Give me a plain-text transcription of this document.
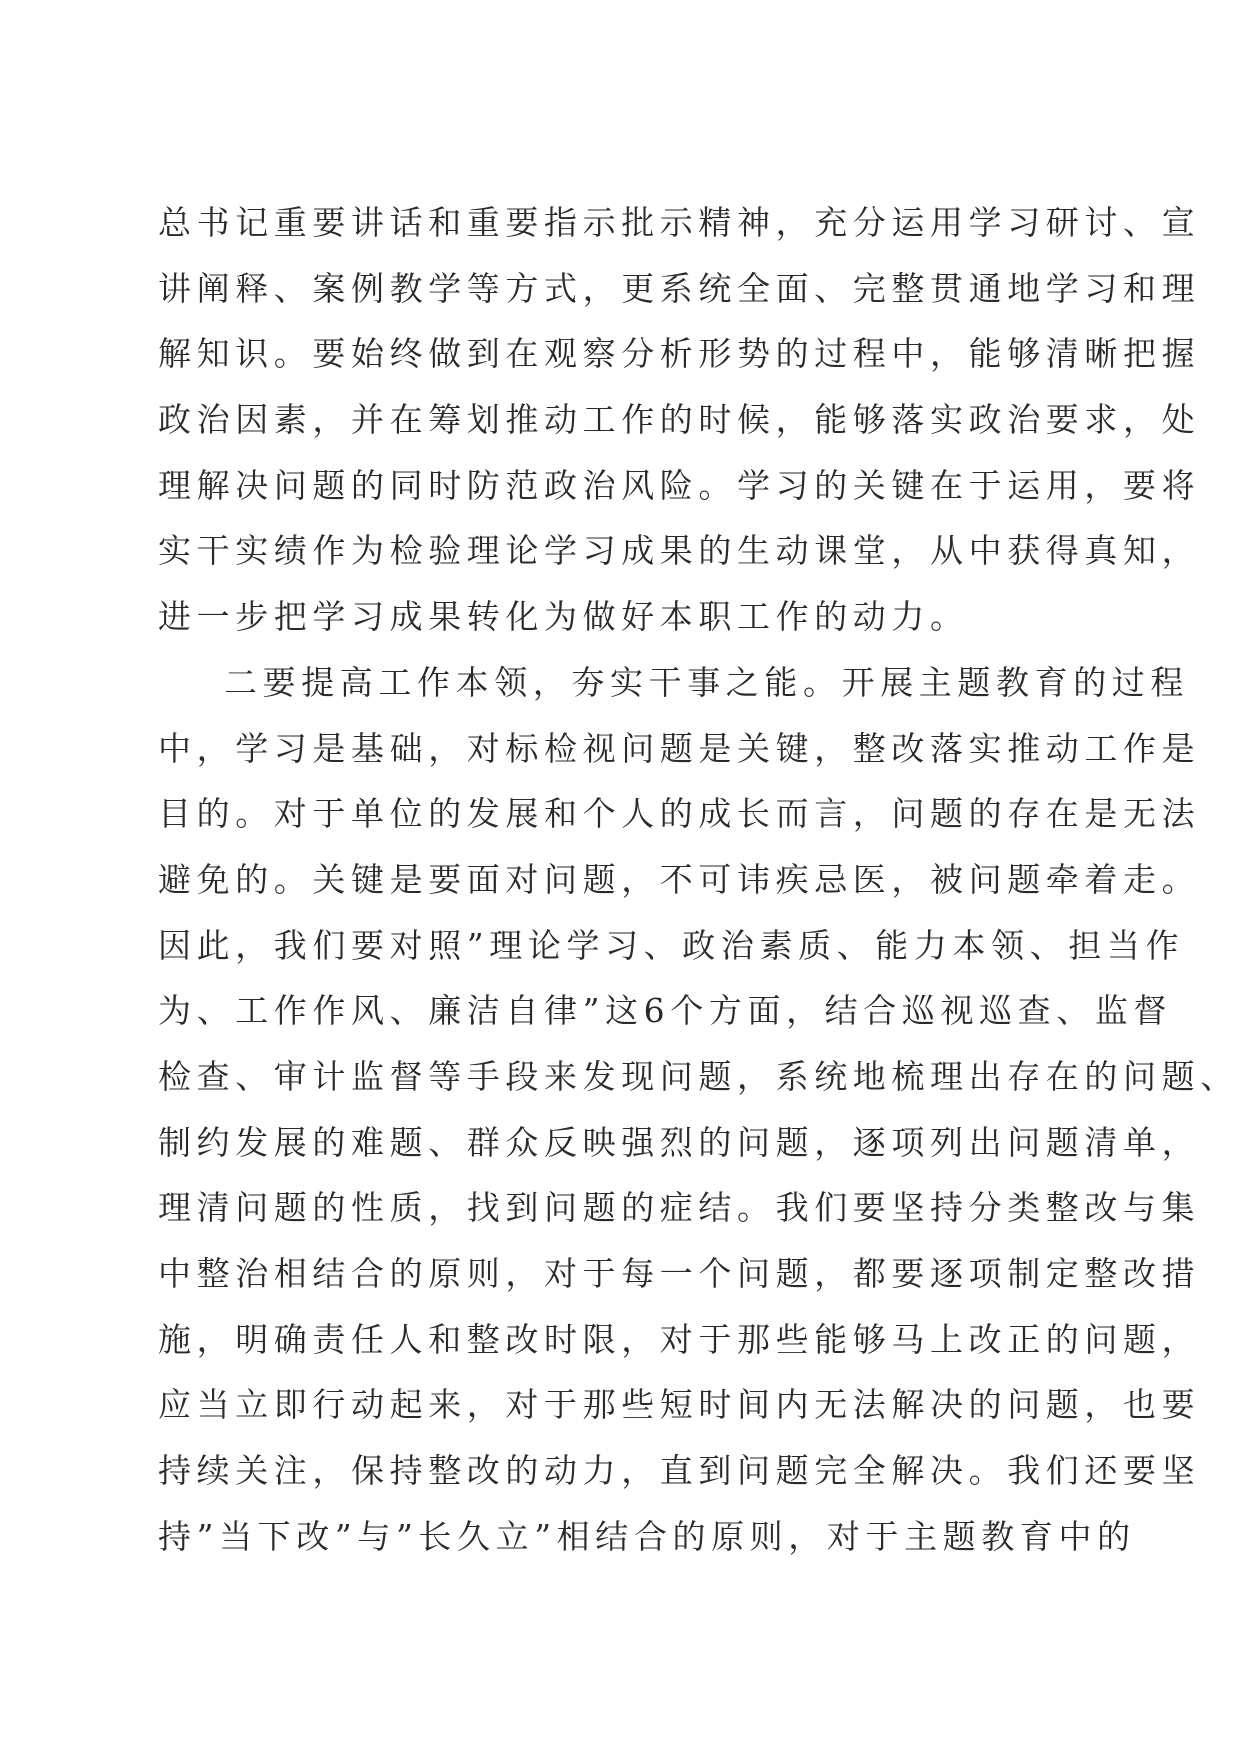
总书记重要讲话和重要指示批示精神，充分运用学习研讨、宣
讲阐释、案例教学等方式，更系统全面、完整贯通地学习和理
解知识。要始终做到在观察分析形势的过程中，能够清晰把握
政治因素，并在筹划推动工作的时候，能够落实政治要求，处
理解决问题的同时防范政治风险。学习的关键在于运用，要将
实干实绩作为检验理论学习成果的生动课堂，从中获得真知，
进一步把学习成果转化为做好本职工作的动力。
二要提高工作本领，夯实干事之能。开展主题教育的过程
中，学习是基础，对标检视问题是关键，整改落实推动工作是
目的。对于单位的发展和个人的成长而言，问题的存在是无法
避免的。关键是要面对问题，不可讳疾忌医，被问题牵着走。
因此，我们要对照”理论学习、政治素质、能力本领、担当作
为、工作作风、廉洁自律”这6个方面，结合巡视巡查、监督
检查、审计监督等手段来发现问题，系统地梳理出存在的问题、
制约发展的难题、群众反映强烈的问题，逐项列出问题清单，
理清问题的性质，找到问题的症结。我们要坚持分类整改与集
中整治相结合的原则，对于每一个问题，都要逐项制定整改措
施，明确责任人和整改时限，对于那些能够马上改正的问题，
应当立即行动起来，对于那些短时间内无法解决的问题，也要
持续关注，保持整改的动力，直到问题完全解决。我们还要坚
持”当下改”与”长久立”相结合的原则，对于主题教育中的
